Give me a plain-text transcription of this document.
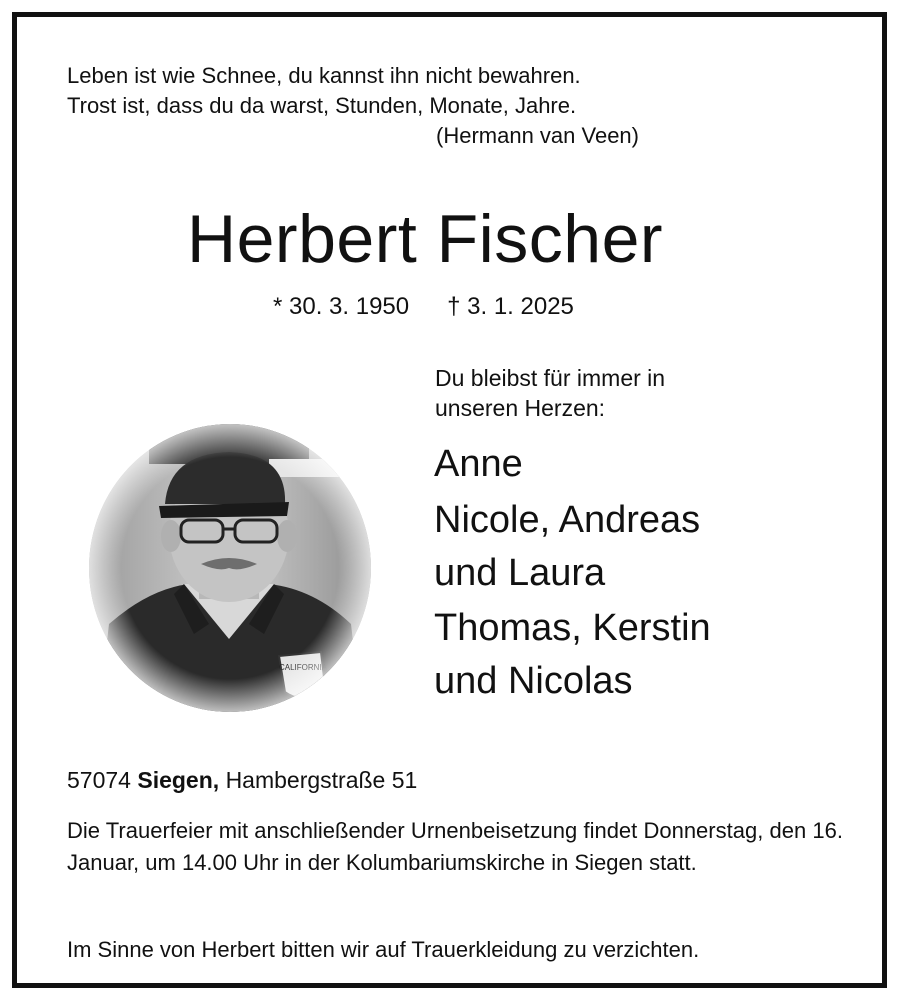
Leben ist wie Schnee, du kannst ihn nicht bewahren.
Trost ist, dass du da warst, Stunden, Monate, Jahre.
(Hermann van Veen)
Herbert Fischer
* 30. 3. 1950 † 3. 1. 2025
Du bleibst für immer in
unseren Herzen:
Anne
Nicole, Andreas
und Laura
Thomas, Kerstin
und Nicolas
57074 Siegen, Hambergstraße 51
Die Trauerfeier mit anschließender Urnenbeisetzung findet Donnerstag, den 16. Januar, um 14.00 Uhr in der Kolumbariumskirche in Siegen statt.
Im Sinne von Herbert bitten wir auf Trauerkleidung zu verzichten.
